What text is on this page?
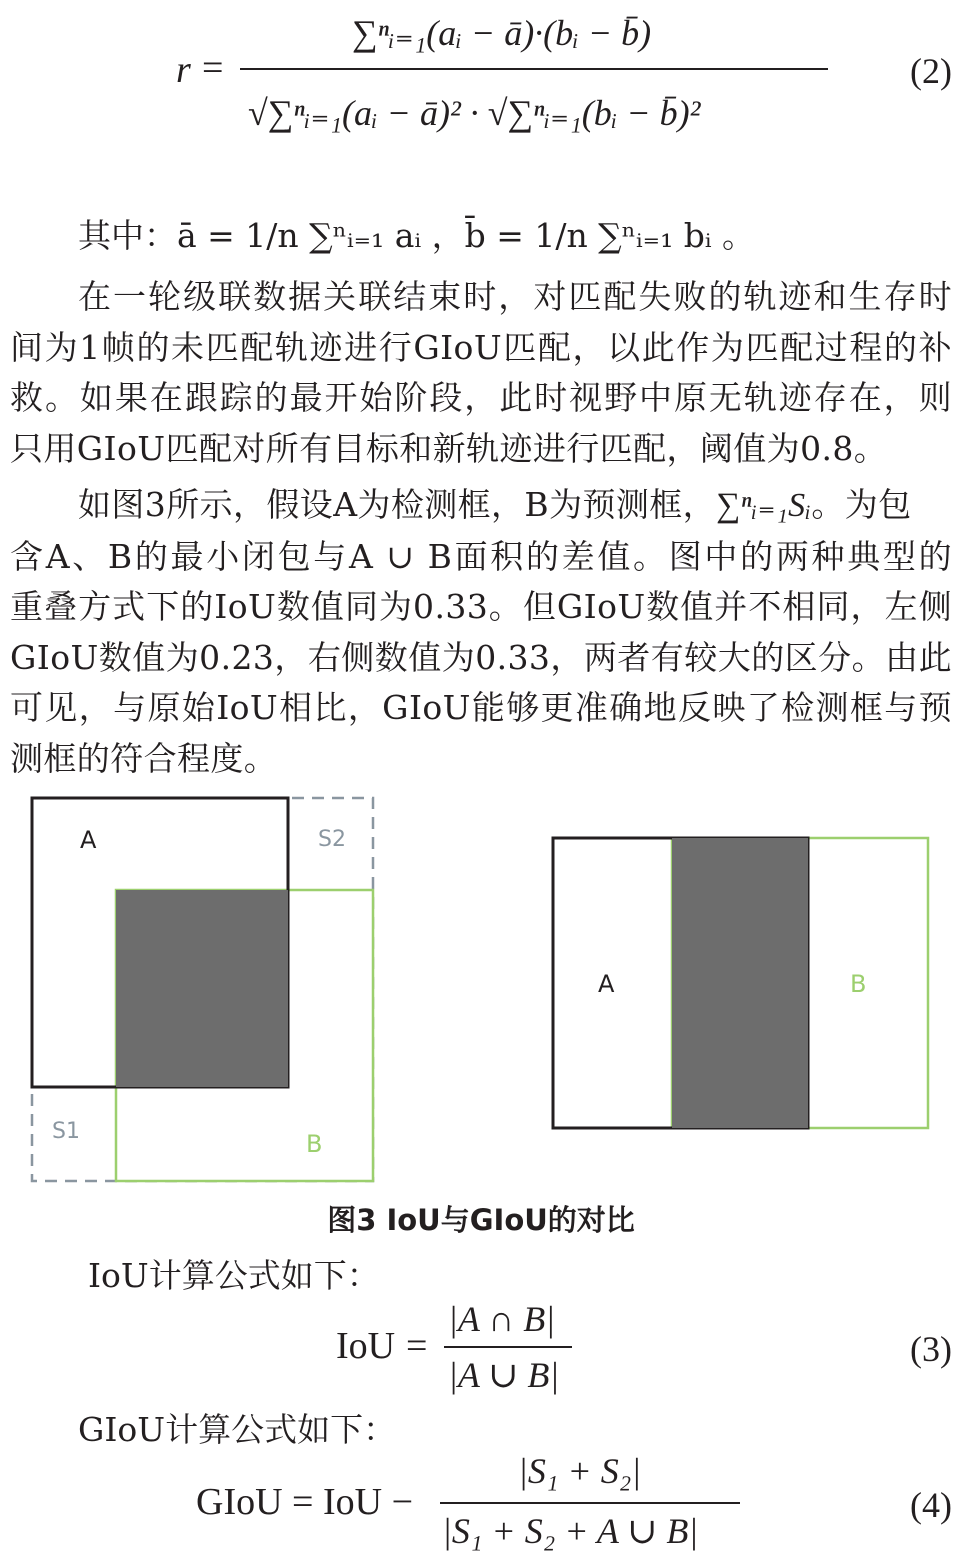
r =
∑ⁿᵢ₌₁(aᵢ − ā)·(bᵢ − b̄)
√∑ⁿᵢ₌₁(aᵢ − ā)² · √∑ⁿᵢ₌₁(bᵢ − b̄)²
(2)
其中：ā = 1/n ∑ⁿᵢ₌₁ aᵢ ，b̄ = 1/n ∑ⁿᵢ₌₁ bᵢ 。
在一轮级联数据关联结束时，对匹配失败的轨迹和生存时
间为1帧的未匹配轨迹进行GIoU匹配，以此作为匹配过程的补
救。如果在跟踪的最开始阶段，此时视野中原无轨迹存在，则
只用GIoU匹配对所有目标和新轨迹进行匹配，阈值为0.8。
如图3所示，假设A为检测框，B为预测框，∑ⁿᵢ₌₁Sᵢ。为包
含A、B的最小闭包与A ∪ B面积的差值。图中的两种典型的
重叠方式下的IoU数值同为0.33。但GIoU数值并不相同，左侧
GIoU数值为0.23，右侧数值为0.33，两者有较大的区分。由此
可见，与原始IoU相比，GIoU能够更准确地反映了检测框与预
测框的符合程度。
A	S2
S1	B
A	B
图3 IoU与GIoU的对比
IoU计算公式如下：
IoU =
|A ∩ B|
|A ∪ B|
(3)
GIoU计算公式如下：
GIoU = IoU −
|S₁ + S₂|
|S₁ + S₂ + A ∪ B|
(4)
